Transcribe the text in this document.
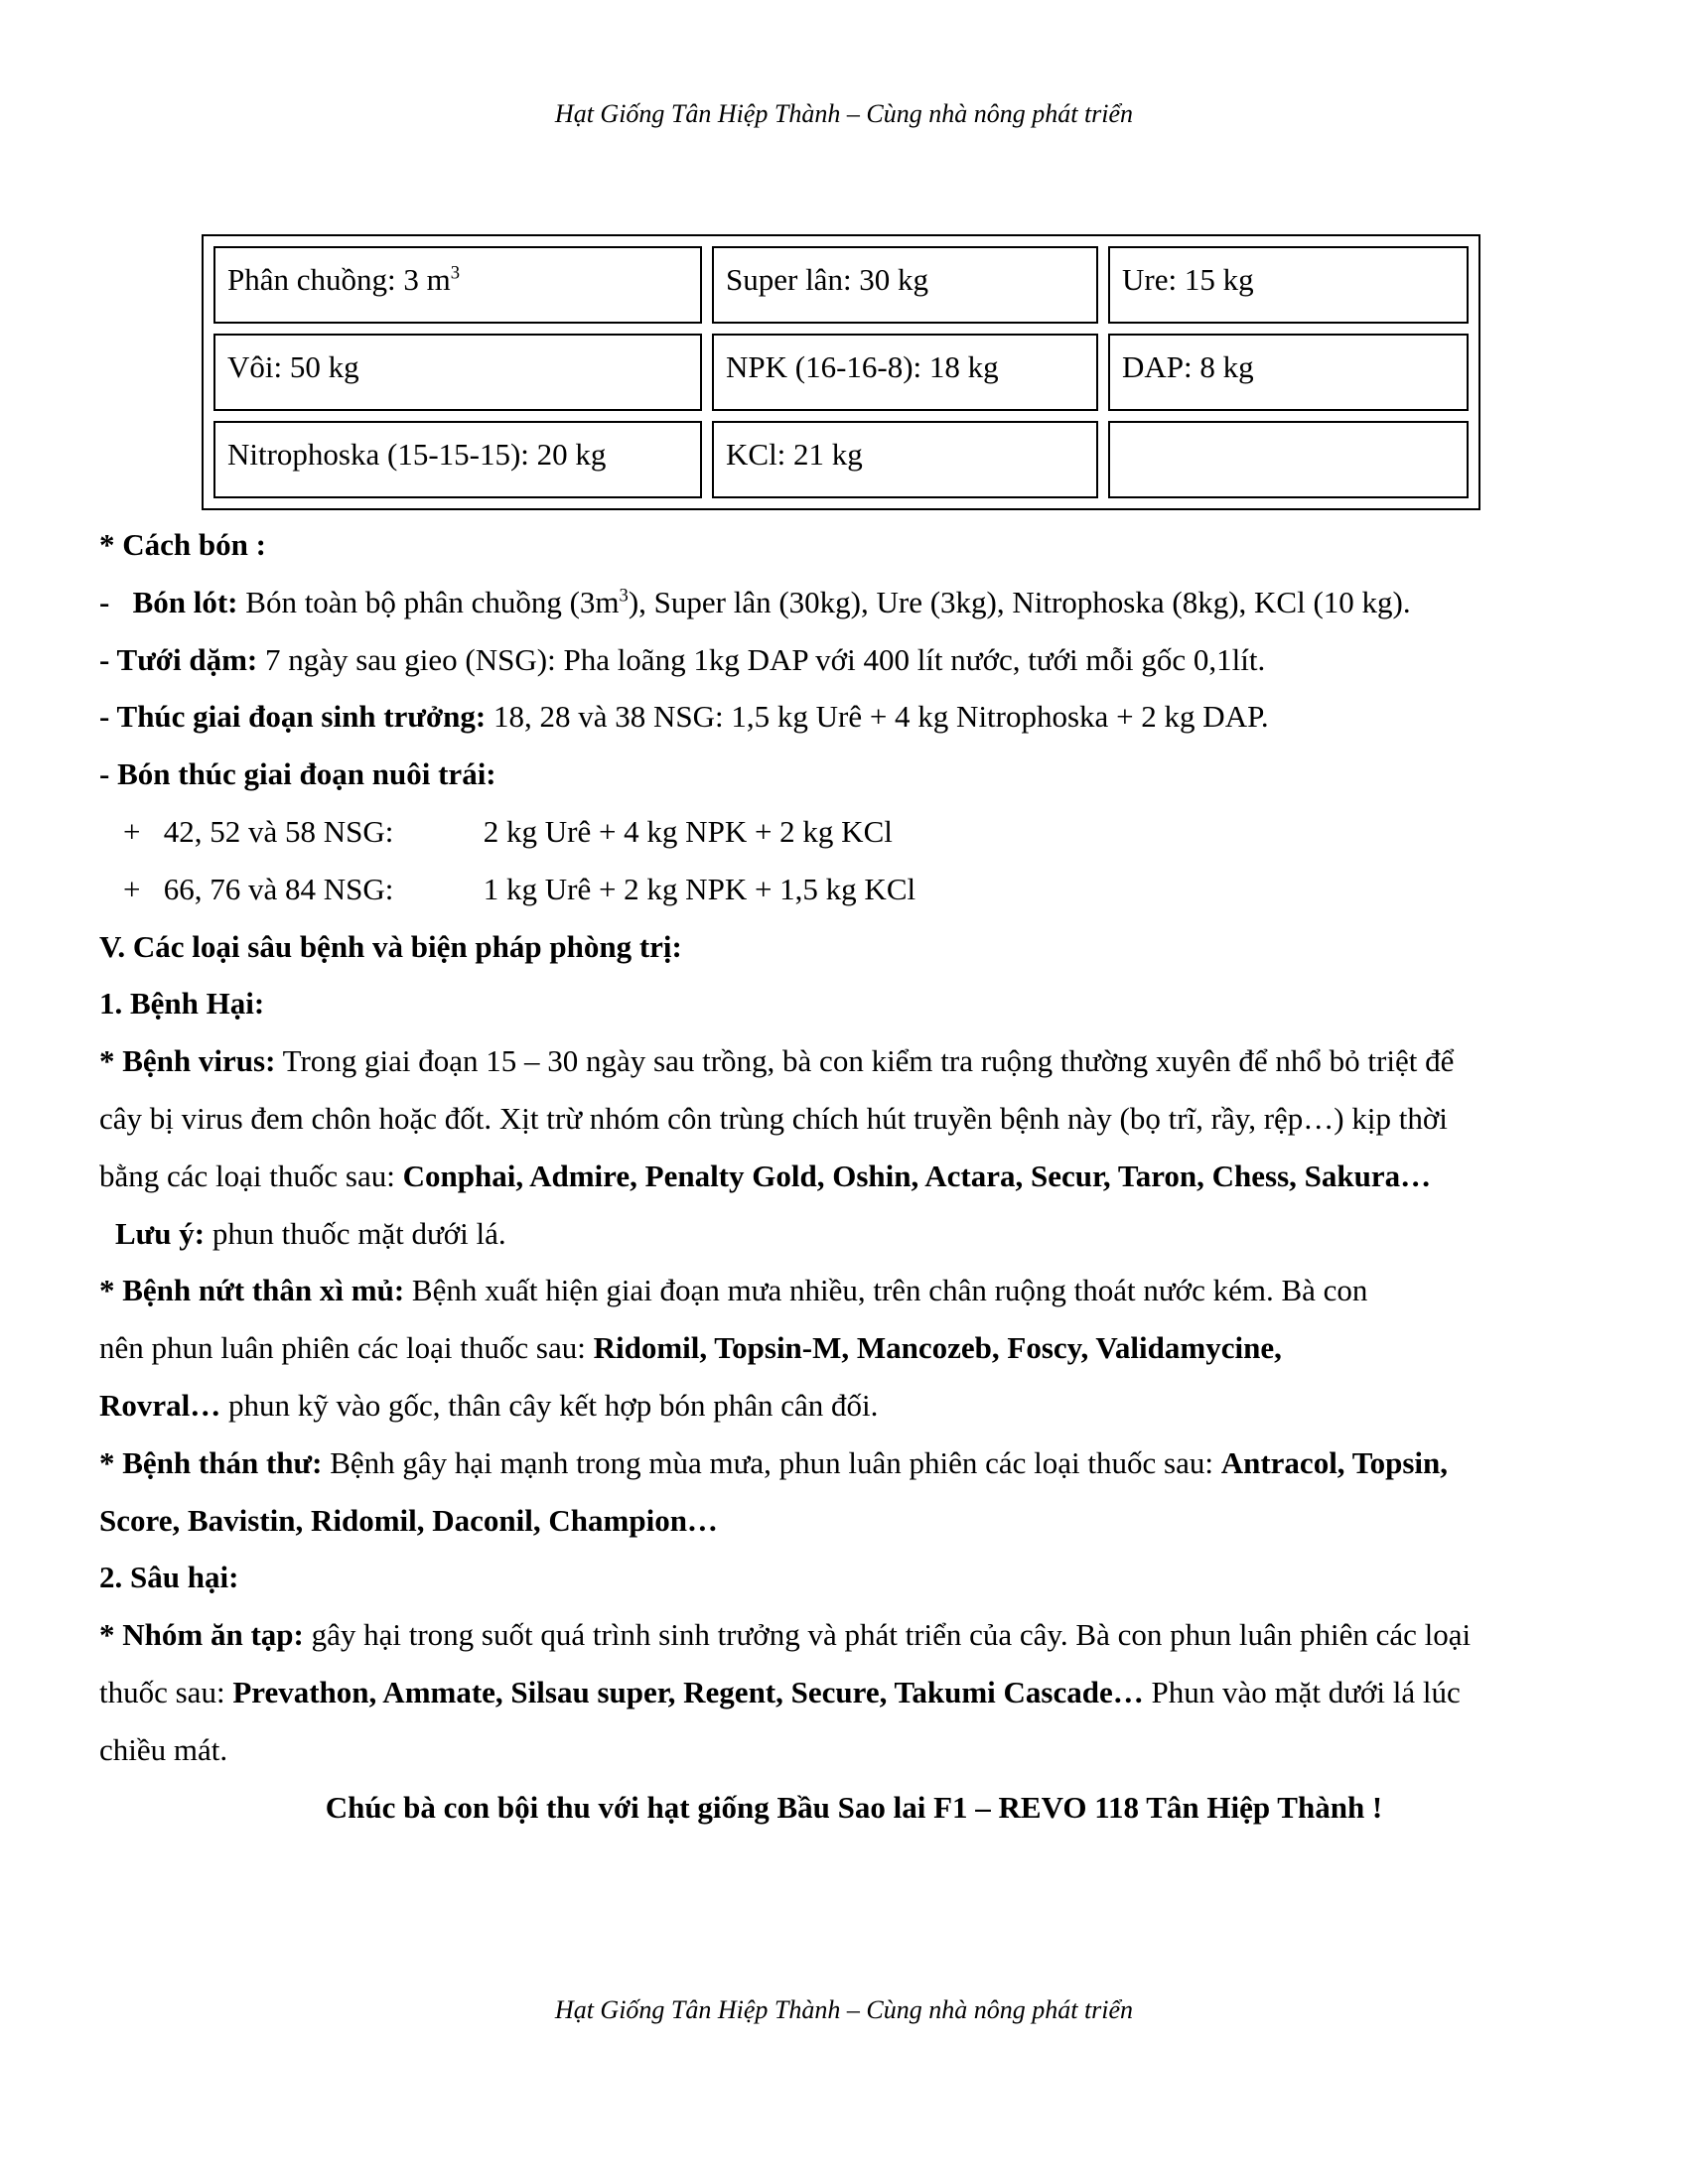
Hạt Giống Tân Hiệp Thành – Cùng nhà nông phát triển
Phân chuồng: 3 $m^3$	Super lân: 30 kg	Ure: 15 kg
Vôi: 50 kg	NPK (16-16-8): 18 kg	DAP: 8 kg
Nitrophoska (15-15-15): 20 kg	KCl: 21 kg	
* Cách bón :
-   Bón lót: Bón toàn bộ phân chuồng $(3m^3)$, Super lân (30kg), Ure (3kg), Nitrophoska (8kg), KCl (10 kg).
- Tưới dặm: 7 ngày sau gieo (NSG): Pha loãng 1kg DAP với 400 lít nước, tưới mỗi gốc 0,1lít.
- Thúc giai đoạn sinh trưởng: 18, 28 và 38 NSG: 1,5 kg Urê + 4 kg Nitrophoska + 2 kg DAP.
- Bón thúc giai đoạn nuôi trái:
+ 42, 52 và 58 NSG:	2 kg Urê + 4 kg NPK + 2 kg KCl
+ 66, 76 và 84 NSG:	1 kg Urê + 2 kg NPK + 1,5 kg KCl
V. Các loại sâu bệnh và biện pháp phòng trị:
1. Bệnh Hại:
* Bệnh virus: Trong giai đoạn 15 – 30 ngày sau trồng, bà con kiểm tra ruộng thường xuyên để nhổ bỏ triệt để
cây bị virus đem chôn hoặc đốt. Xịt trừ nhóm côn trùng chích hút truyền bệnh này (bọ trĩ, rầy, rệp…) kịp thời
bằng các loại thuốc sau: Conphai, Admire, Penalty Gold, Oshin, Actara, Secur, Taron, Chess, Sakura…
Lưu ý: phun thuốc mặt dưới lá.
* Bệnh nứt thân xì mủ: Bệnh xuất hiện giai đoạn mưa nhiều, trên chân ruộng thoát nước kém. Bà con
nên phun luân phiên các loại thuốc sau: Ridomil, Topsin-M, Mancozeb, Foscy, Validamycine,
Rovral… phun kỹ vào gốc, thân cây kết hợp bón phân cân đối.
* Bệnh thán thư: Bệnh gây hại mạnh trong mùa mưa, phun luân phiên các loại thuốc sau: Antracol, Topsin,
Score, Bavistin, Ridomil, Daconil, Champion…
2. Sâu hại:
* Nhóm ăn tạp: gây hại trong suốt quá trình sinh trưởng và phát triển của cây. Bà con phun luân phiên các loại
thuốc sau: Prevathon, Ammate, Silsau super, Regent, Secure, Takumi Cascade… Phun vào mặt dưới lá lúc
chiều mát.
Chúc bà con bội thu với hạt giống Bầu Sao lai F1 – REVO 118 Tân Hiệp Thành !
Hạt Giống Tân Hiệp Thành – Cùng nhà nông phát triển
